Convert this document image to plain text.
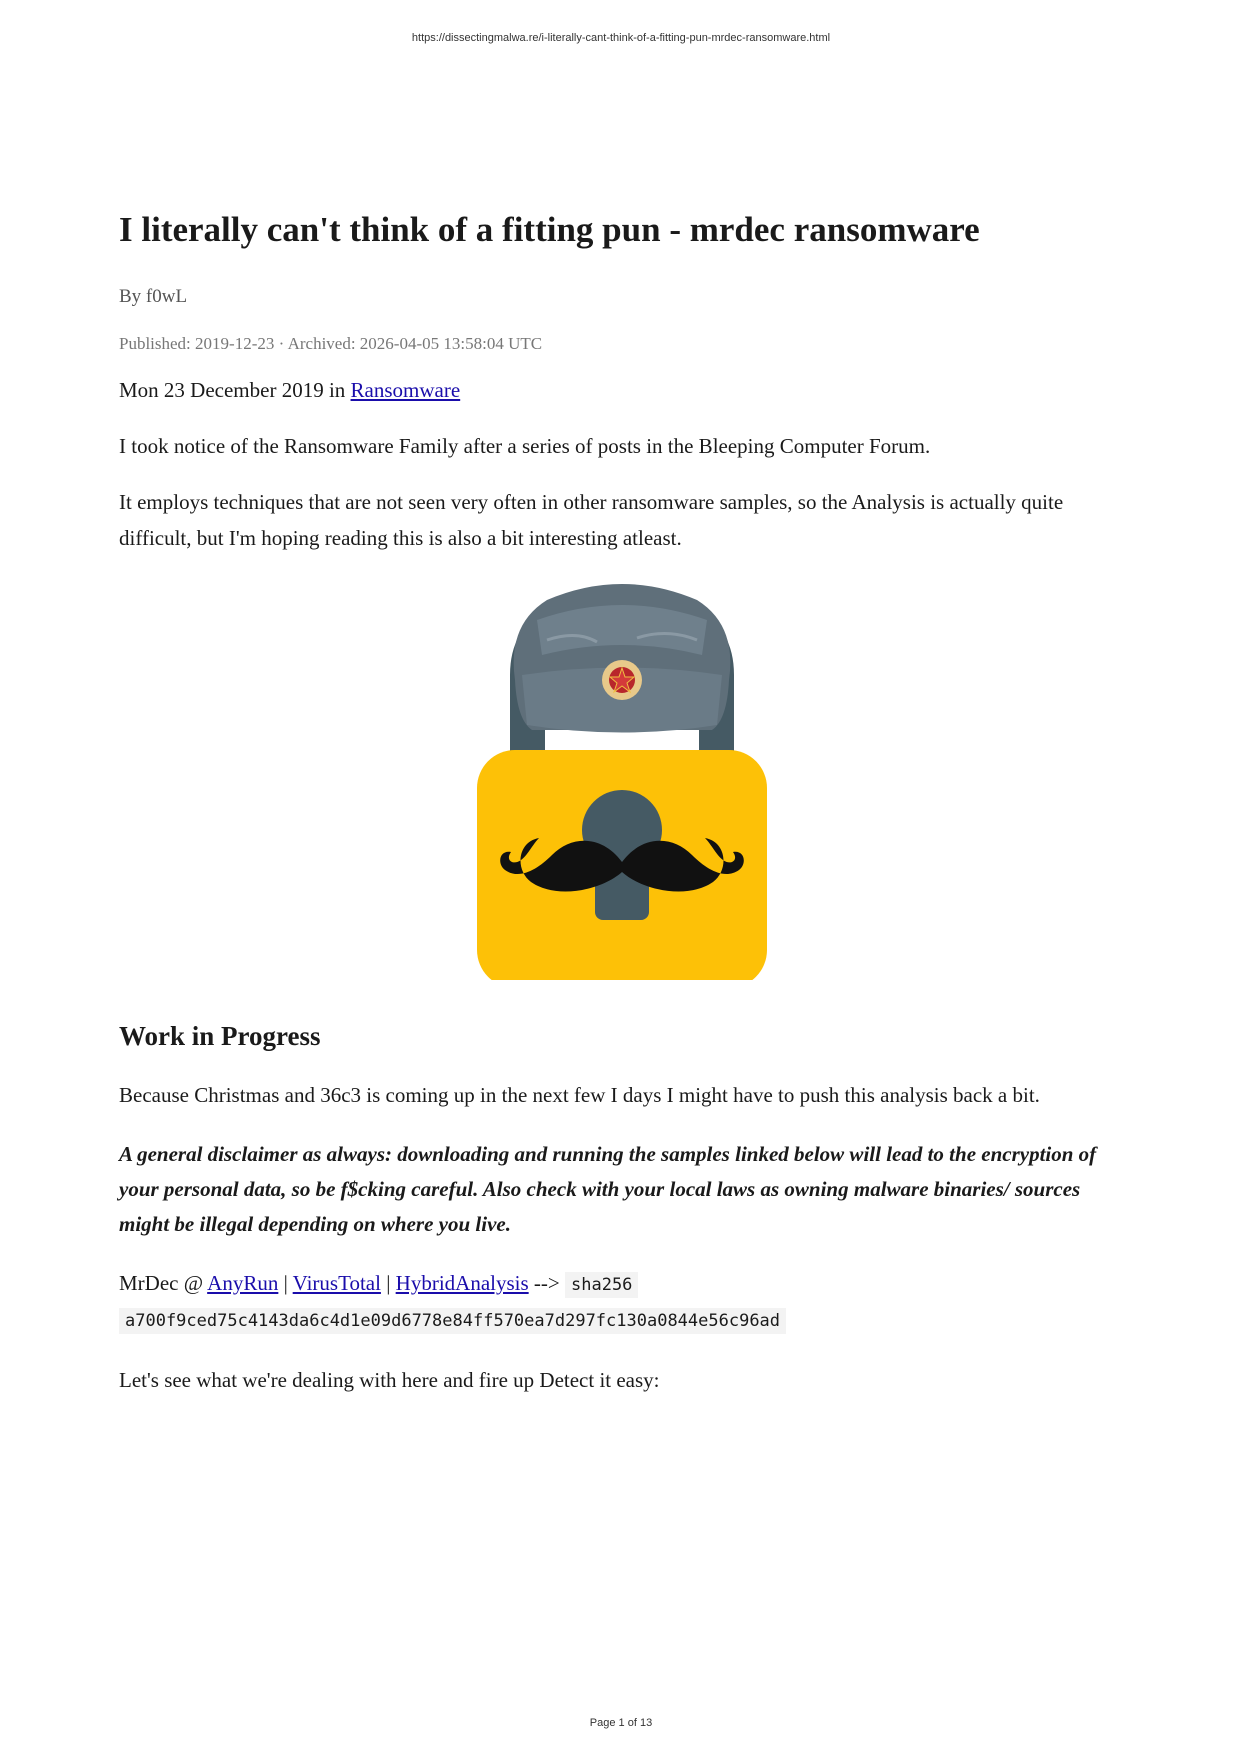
https://dissectingmalwa.re/i-literally-cant-think-of-a-fitting-pun-mrdec-ransomware.html
I literally can't think of a fitting pun - mrdec ransomware
By f0wL
Published: 2019-12-23 · Archived: 2026-04-05 13:58:04 UTC

Mon 23 December 2019 in Ransomware

I took notice of the Ransomware Family after a series of posts in the Bleeping Computer Forum.

It employs techniques that are not seen very often in other ransomware samples, so the Analysis is actually quite difficult, but I'm hoping reading this is also a bit interesting atleast.

Work in Progress

Because Christmas and 36c3 is coming up in the next few I days I might have to push this analysis back a bit.

A general disclaimer as always: downloading and running the samples linked below will lead to the encryption of your personal data, so be f$cking careful. Also check with your local laws as owning malware binaries/ sources might be illegal depending on where you live.

MrDec @ AnyRun | VirusTotal | HybridAnalysis --> sha256
a700f9ced75c4143da6c4d1e09d6778e84ff570ea7d297fc130a0844e56c96ad

Let's see what we're dealing with here and fire up Detect it easy:

Page 1 of 13
